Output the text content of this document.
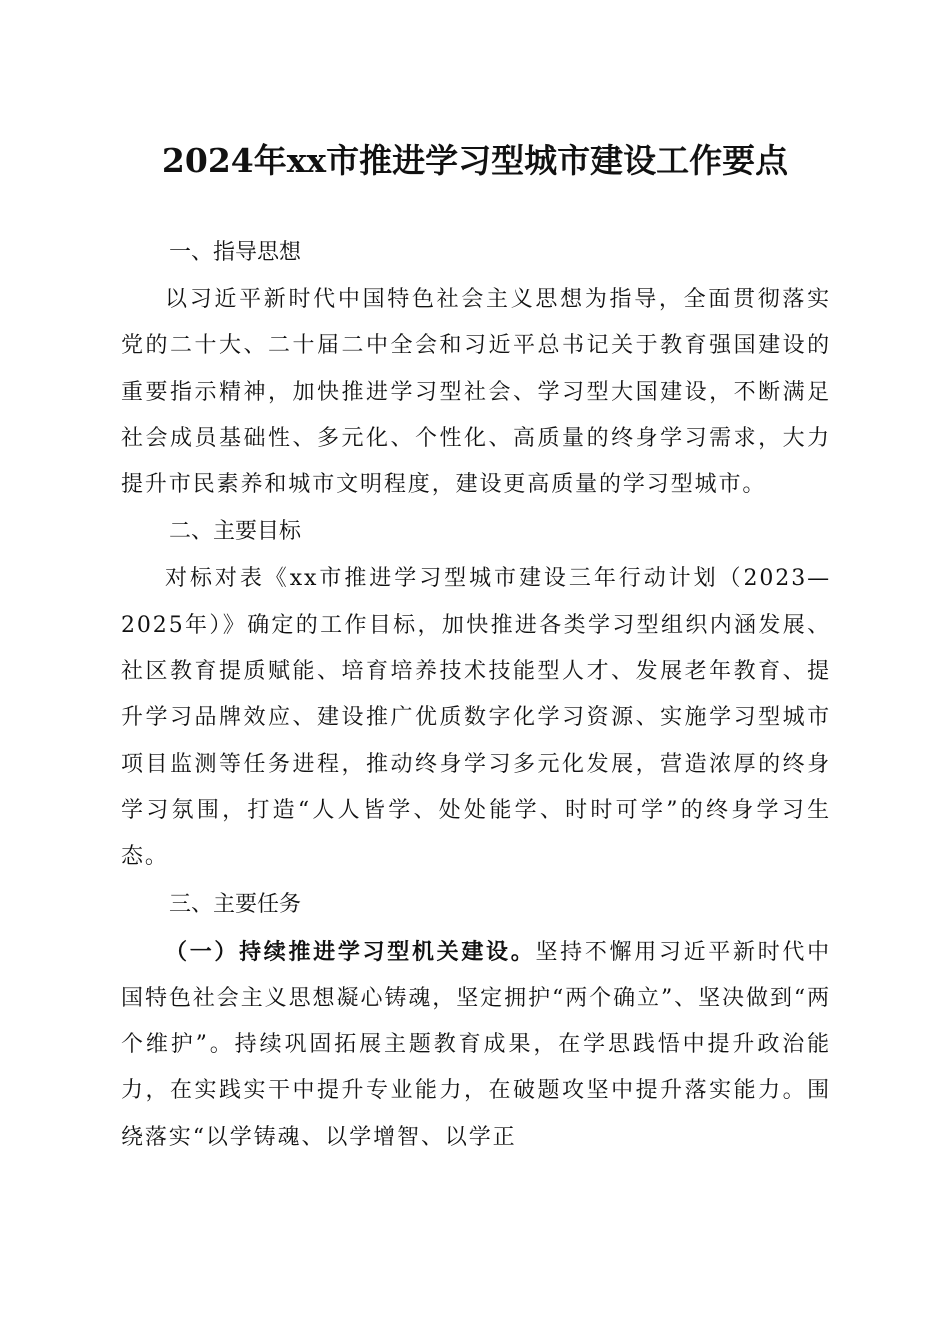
2024年xx市推进学习型城市建设工作要点
一、指导思想

以习近平新时代中国特色社会主义思想为指导，全面贯彻落实党的二十大、二十届二中全会和习近平总书记关于教育强国建设的重要指示精神，加快推进学习型社会、学习型大国建设，不断满足社会成员基础性、多元化、个性化、高质量的终身学习需求，大力提升市民素养和城市文明程度，建设更高质量的学习型城市。

二、主要目标

对标对表《xx市推进学习型城市建设三年行动计划（2023—2025年）》确定的工作目标，加快推进各类学习型组织内涵发展、社区教育提质赋能、培育培养技术技能型人才、发展老年教育、提升学习品牌效应、建设推广优质数字化学习资源、实施学习型城市项目监测等任务进程，推动终身学习多元化发展，营造浓厚的终身学习氛围，打造“人人皆学、处处能学、时时可学”的终身学习生态。

三、主要任务

（一）持续推进学习型机关建设。坚持不懈用习近平新时代中国特色社会主义思想凝心铸魂，坚定拥护“两个确立”、坚决做到“两个维护”。持续巩固拓展主题教育成果，在学思践悟中提升政治能力，在实践实干中提升专业能力，在破题攻坚中提升落实能力。围绕落实“以学铸魂、以学增智、以学正
